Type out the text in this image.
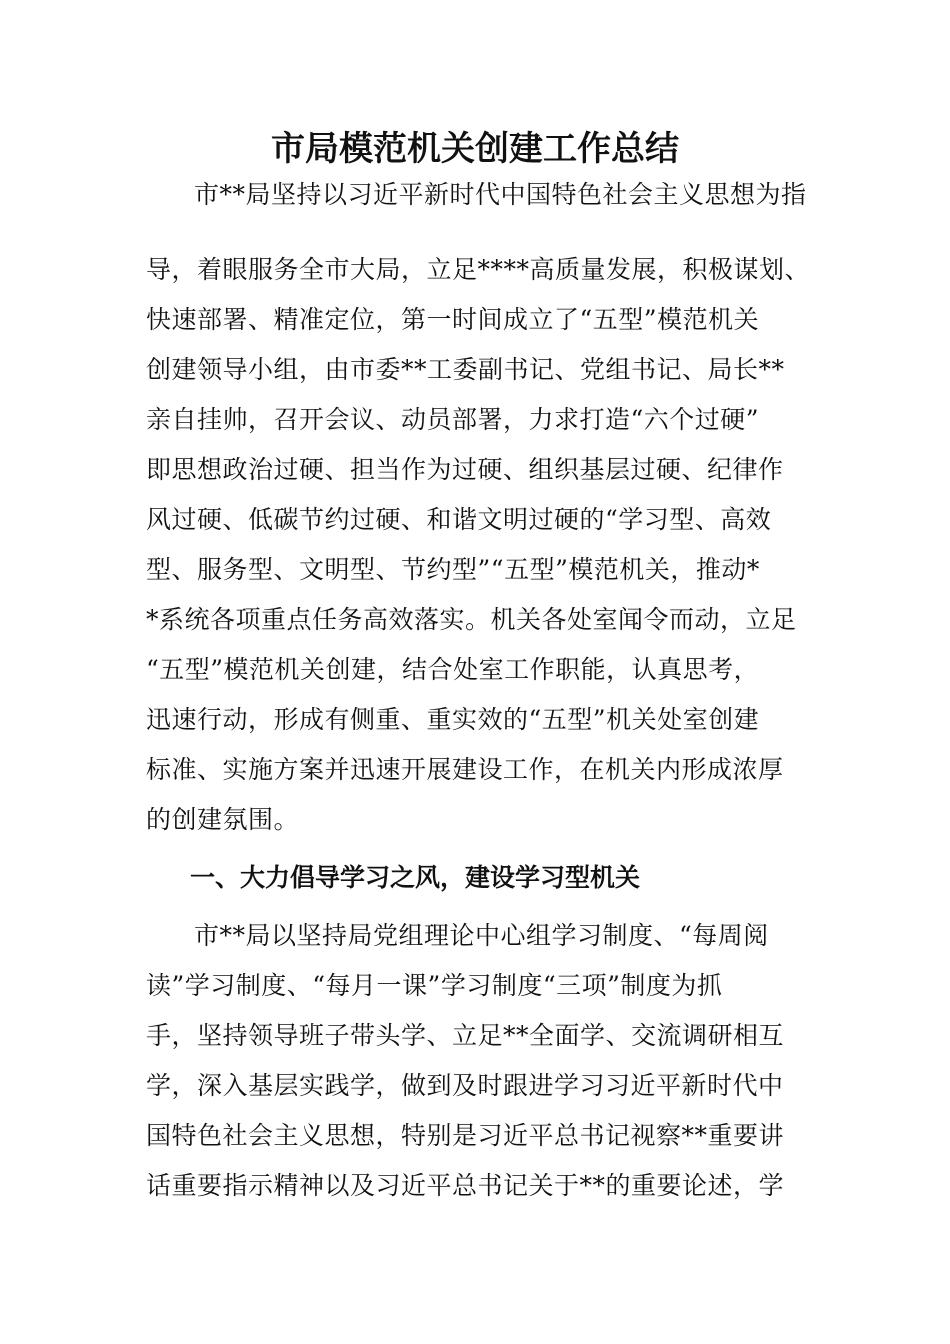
市局模范机关创建工作总结
市**局坚持以习近平新时代中国特色社会主义思想为指
导，着眼服务全市大局，立足****高质量发展，积极谋划、
快速部署、精准定位，第一时间成立了“五型”模范机关
创建领导小组，由市委**工委副书记、党组书记、局长**
亲自挂帅，召开会议、动员部署，力求打造“六个过硬”
即思想政治过硬、担当作为过硬、组织基层过硬、纪律作
风过硬、低碳节约过硬、和谐文明过硬的“学习型、高效
型、服务型、文明型、节约型”“五型”模范机关，推动*
*系统各项重点任务高效落实。机关各处室闻令而动，立足
“五型”模范机关创建，结合处室工作职能，认真思考，
迅速行动，形成有侧重、重实效的“五型”机关处室创建
标准、实施方案并迅速开展建设工作，在机关内形成浓厚
的创建氛围。
一、大力倡导学习之风，建设学习型机关
市**局以坚持局党组理论中心组学习制度、“每周阅
读”学习制度、“每月一课”学习制度“三项”制度为抓
手，坚持领导班子带头学、立足**全面学、交流调研相互
学，深入基层实践学，做到及时跟进学习习近平新时代中
国特色社会主义思想，特别是习近平总书记视察**重要讲
话重要指示精神以及习近平总书记关于**的重要论述，学
